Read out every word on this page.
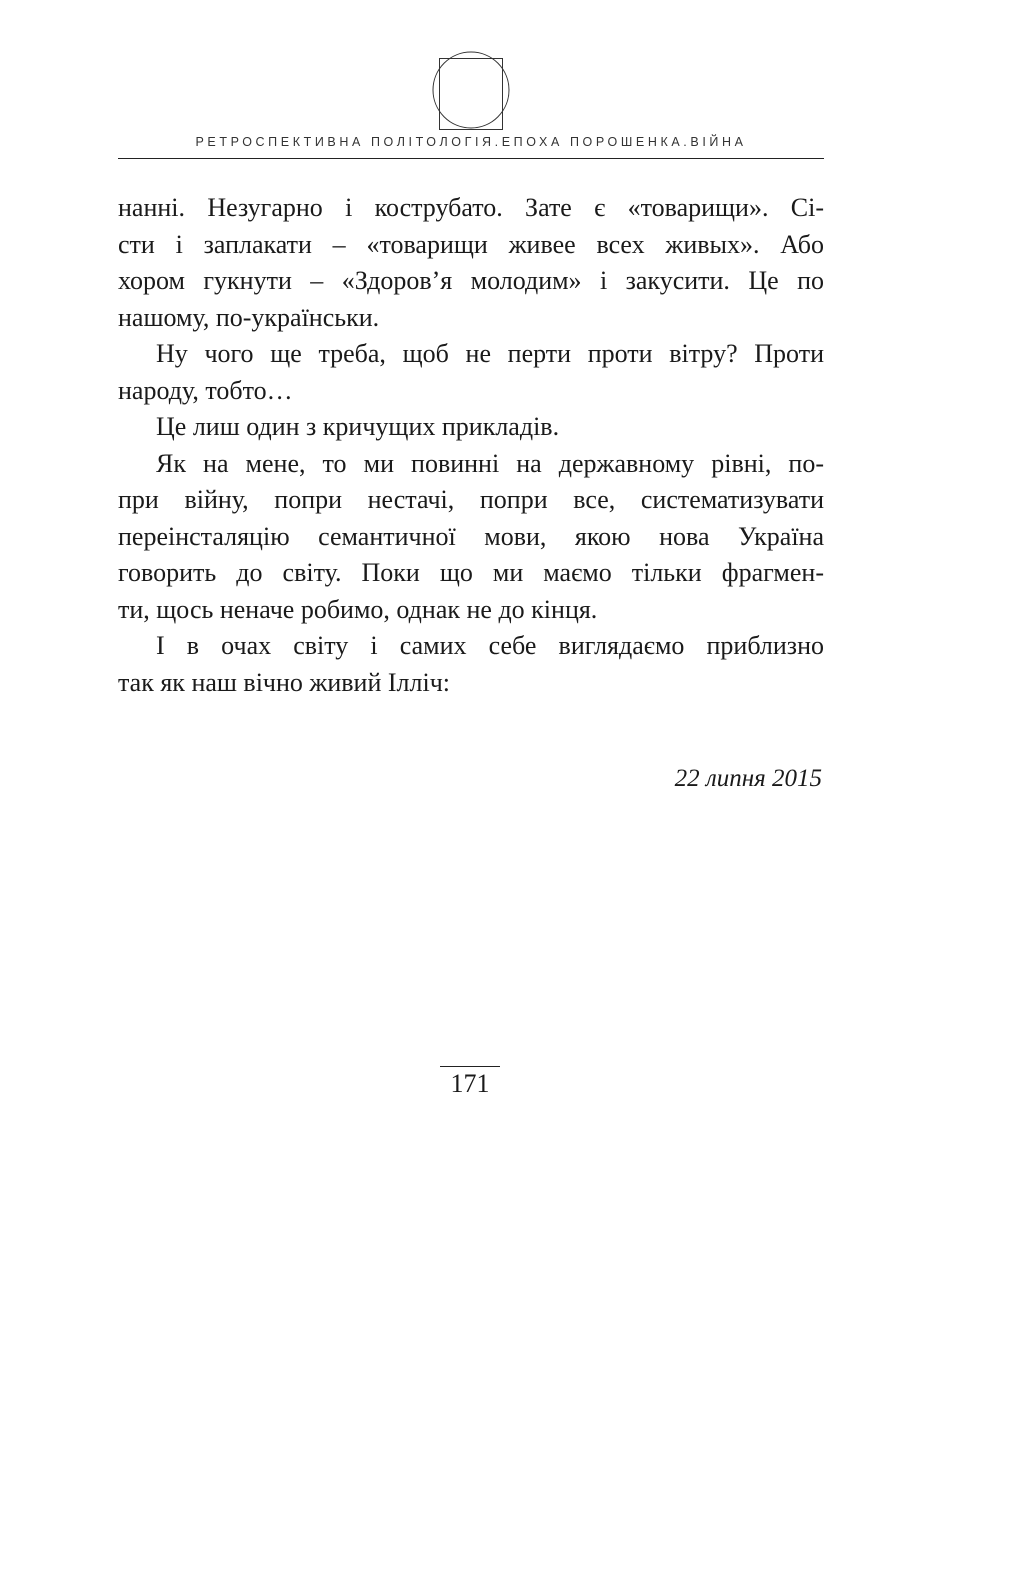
РЕТРОСПЕКТИВНА ПОЛІТОЛОГІЯ.ЕПОХА ПОРОШЕНКА.ВІЙНА
нанні. Незугарно і кострубато. Зате є «товарищи». Сі-
сти і заплакати – «товарищи живее всех живых». Або
хором гукнути – «Здоров’я молодим» і закусити. Це по
нашому, по-українськи.
Ну чого ще треба, щоб не перти проти вітру? Проти
народу, тобто…
Це лиш один з кричущих прикладів.
Як на мене, то ми повинні на державному рівні, по-
при війну, попри нестачі, попри все, систематизувати
переінсталяцію семантичної мови, якою нова Україна
говорить до світу. Поки що ми маємо тільки фрагмен-
ти, щось неначе робимо, однак не до кінця.
І в очах світу і самих себе виглядаємо приблизно
так як наш вічно живий Ілліч:
22 липня 2015
171
